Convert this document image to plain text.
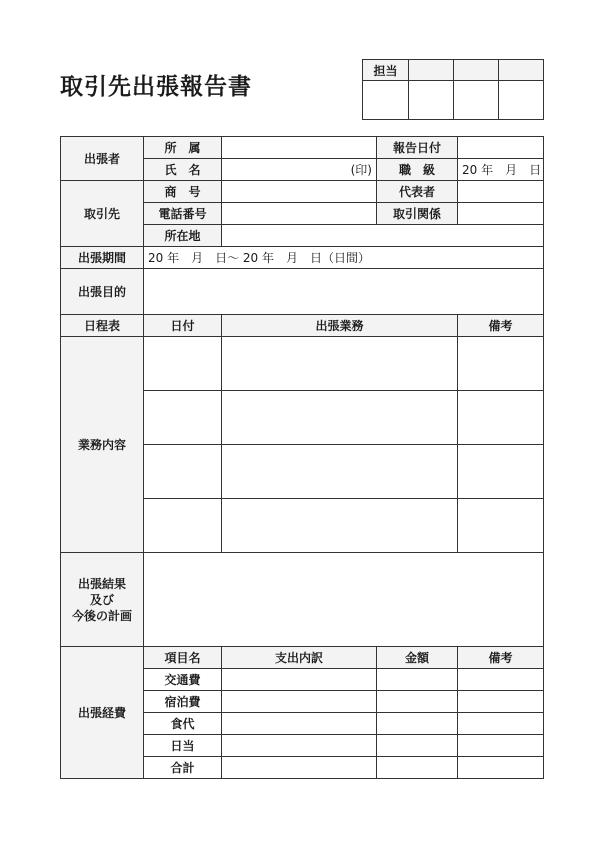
取引先出張報告書
担当			

出張者	所　属		報告日付	
	氏　名	(印)	職　級	20 年　月　日
取引先	商　号		代表者	
	電話番号		取引関係	
	所在地			
出張期間	20 年　月　日〜 20 年　月　日（日間）			
出張目的				
日程表	日付	出張業務		備考
業務内容				

出張結果
及び
今後の計画				

出張経費	項目名	支出内訳	金額	備考
	交通費			
	宿泊費			
	食代			
	日当			
	合計			
